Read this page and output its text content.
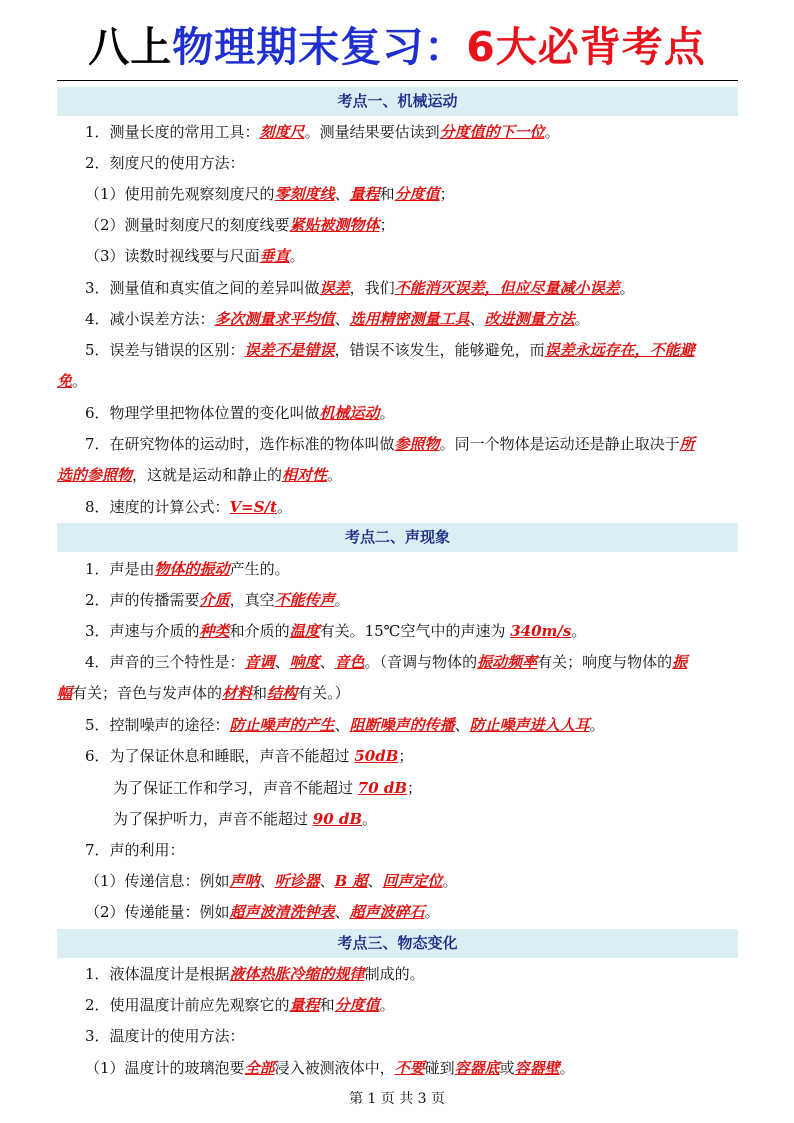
八上物理期末复习：6大必背考点
考点一、机械运动
1．测量长度的常用工具：刻度尺。测量结果要估读到分度值的下一位。
2．刻度尺的使用方法：
（1）使用前先观察刻度尺的零刻度线、量程和分度值；
（2）测量时刻度尺的刻度线要紧贴被测物体；
（3）读数时视线要与尺面垂直。
3．测量值和真实值之间的差异叫做误差，我们不能消灭误差，但应尽量减小误差。
4．减小误差方法：多次测量求平均值、选用精密测量工具、改进测量方法。
5．误差与错误的区别：误差不是错误，错误不该发生，能够避免，而误差永远存在，不能避
免。
6．物理学里把物体位置的变化叫做机械运动。
7．在研究物体的运动时，选作标准的物体叫做参照物。同一个物体是运动还是静止取决于所
选的参照物，这就是运动和静止的相对性。
8．速度的计算公式：V=S/t。
考点二、声现象
1．声是由物体的振动产生的。
2．声的传播需要介质，真空不能传声。
3．声速与介质的种类和介质的温度有关。15℃空气中的声速为 340m/s。
4．声音的三个特性是：音调、响度、音色。（音调与物体的振动频率有关；响度与物体的振
幅有关；音色与发声体的材料和结构有关。）
5．控制噪声的途径：防止噪声的产生、阻断噪声的传播、防止噪声进入人耳。
6．为了保证休息和睡眠，声音不能超过 50dB；
为了保证工作和学习，声音不能超过 70 dB；
为了保护听力，声音不能超过 90 dB。
7．声的利用：
（1）传递信息：例如声呐、听诊器、B 超、回声定位。
（2）传递能量：例如超声波清洗钟表、超声波碎石。
考点三、物态变化
1．液体温度计是根据液体热胀冷缩的规律制成的。
2．使用温度计前应先观察它的量程和分度值。
3．温度计的使用方法：
（1）温度计的玻璃泡要全部浸入被测液体中，不要碰到容器底或容器壁。
第 1 页 共 3 页
